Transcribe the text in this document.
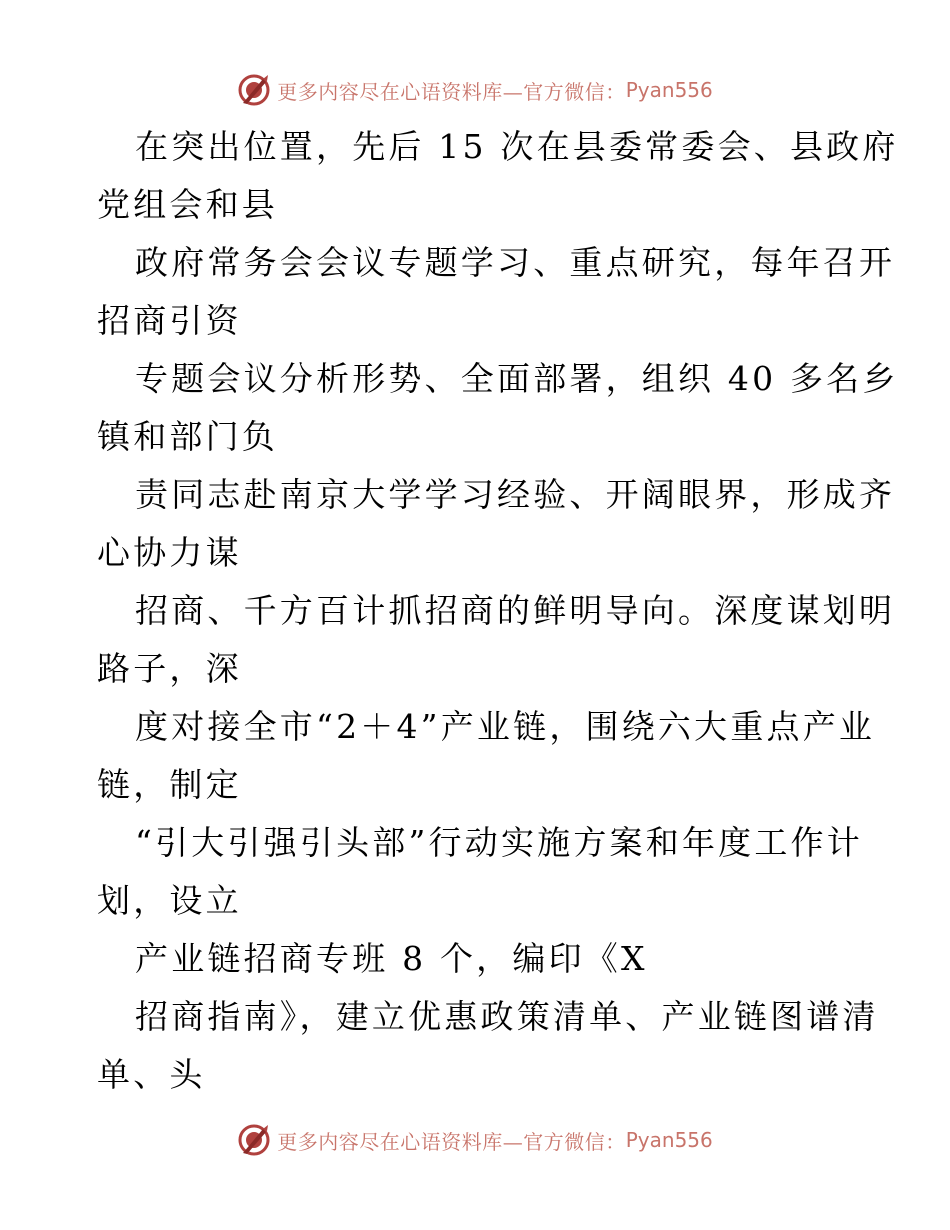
更多内容尽在心语资料库—官方微信： Pyan556
在突出位置，先后 15 次在县委常委会、县政府
党组会和县
政府常务会会议专题学习、重点研究，每年召开
招商引资
专题会议分析形势、全面部署，组织 40 多名乡
镇和部门负
责同志赴南京大学学习经验、开阔眼界，形成齐
心协力谋
招商、千方百计抓招商的鲜明导向。深度谋划明
路子，深
度对接全市“2＋4”产业链，围绕六大重点产业
链，制定
“引大引强引头部”行动实施方案和年度工作计
划，设立
产业链招商专班 8 个，编印《X
招商指南》，建立优惠政策清单、产业链图谱清
单、头
更多内容尽在心语资料库—官方微信： Pyan556
